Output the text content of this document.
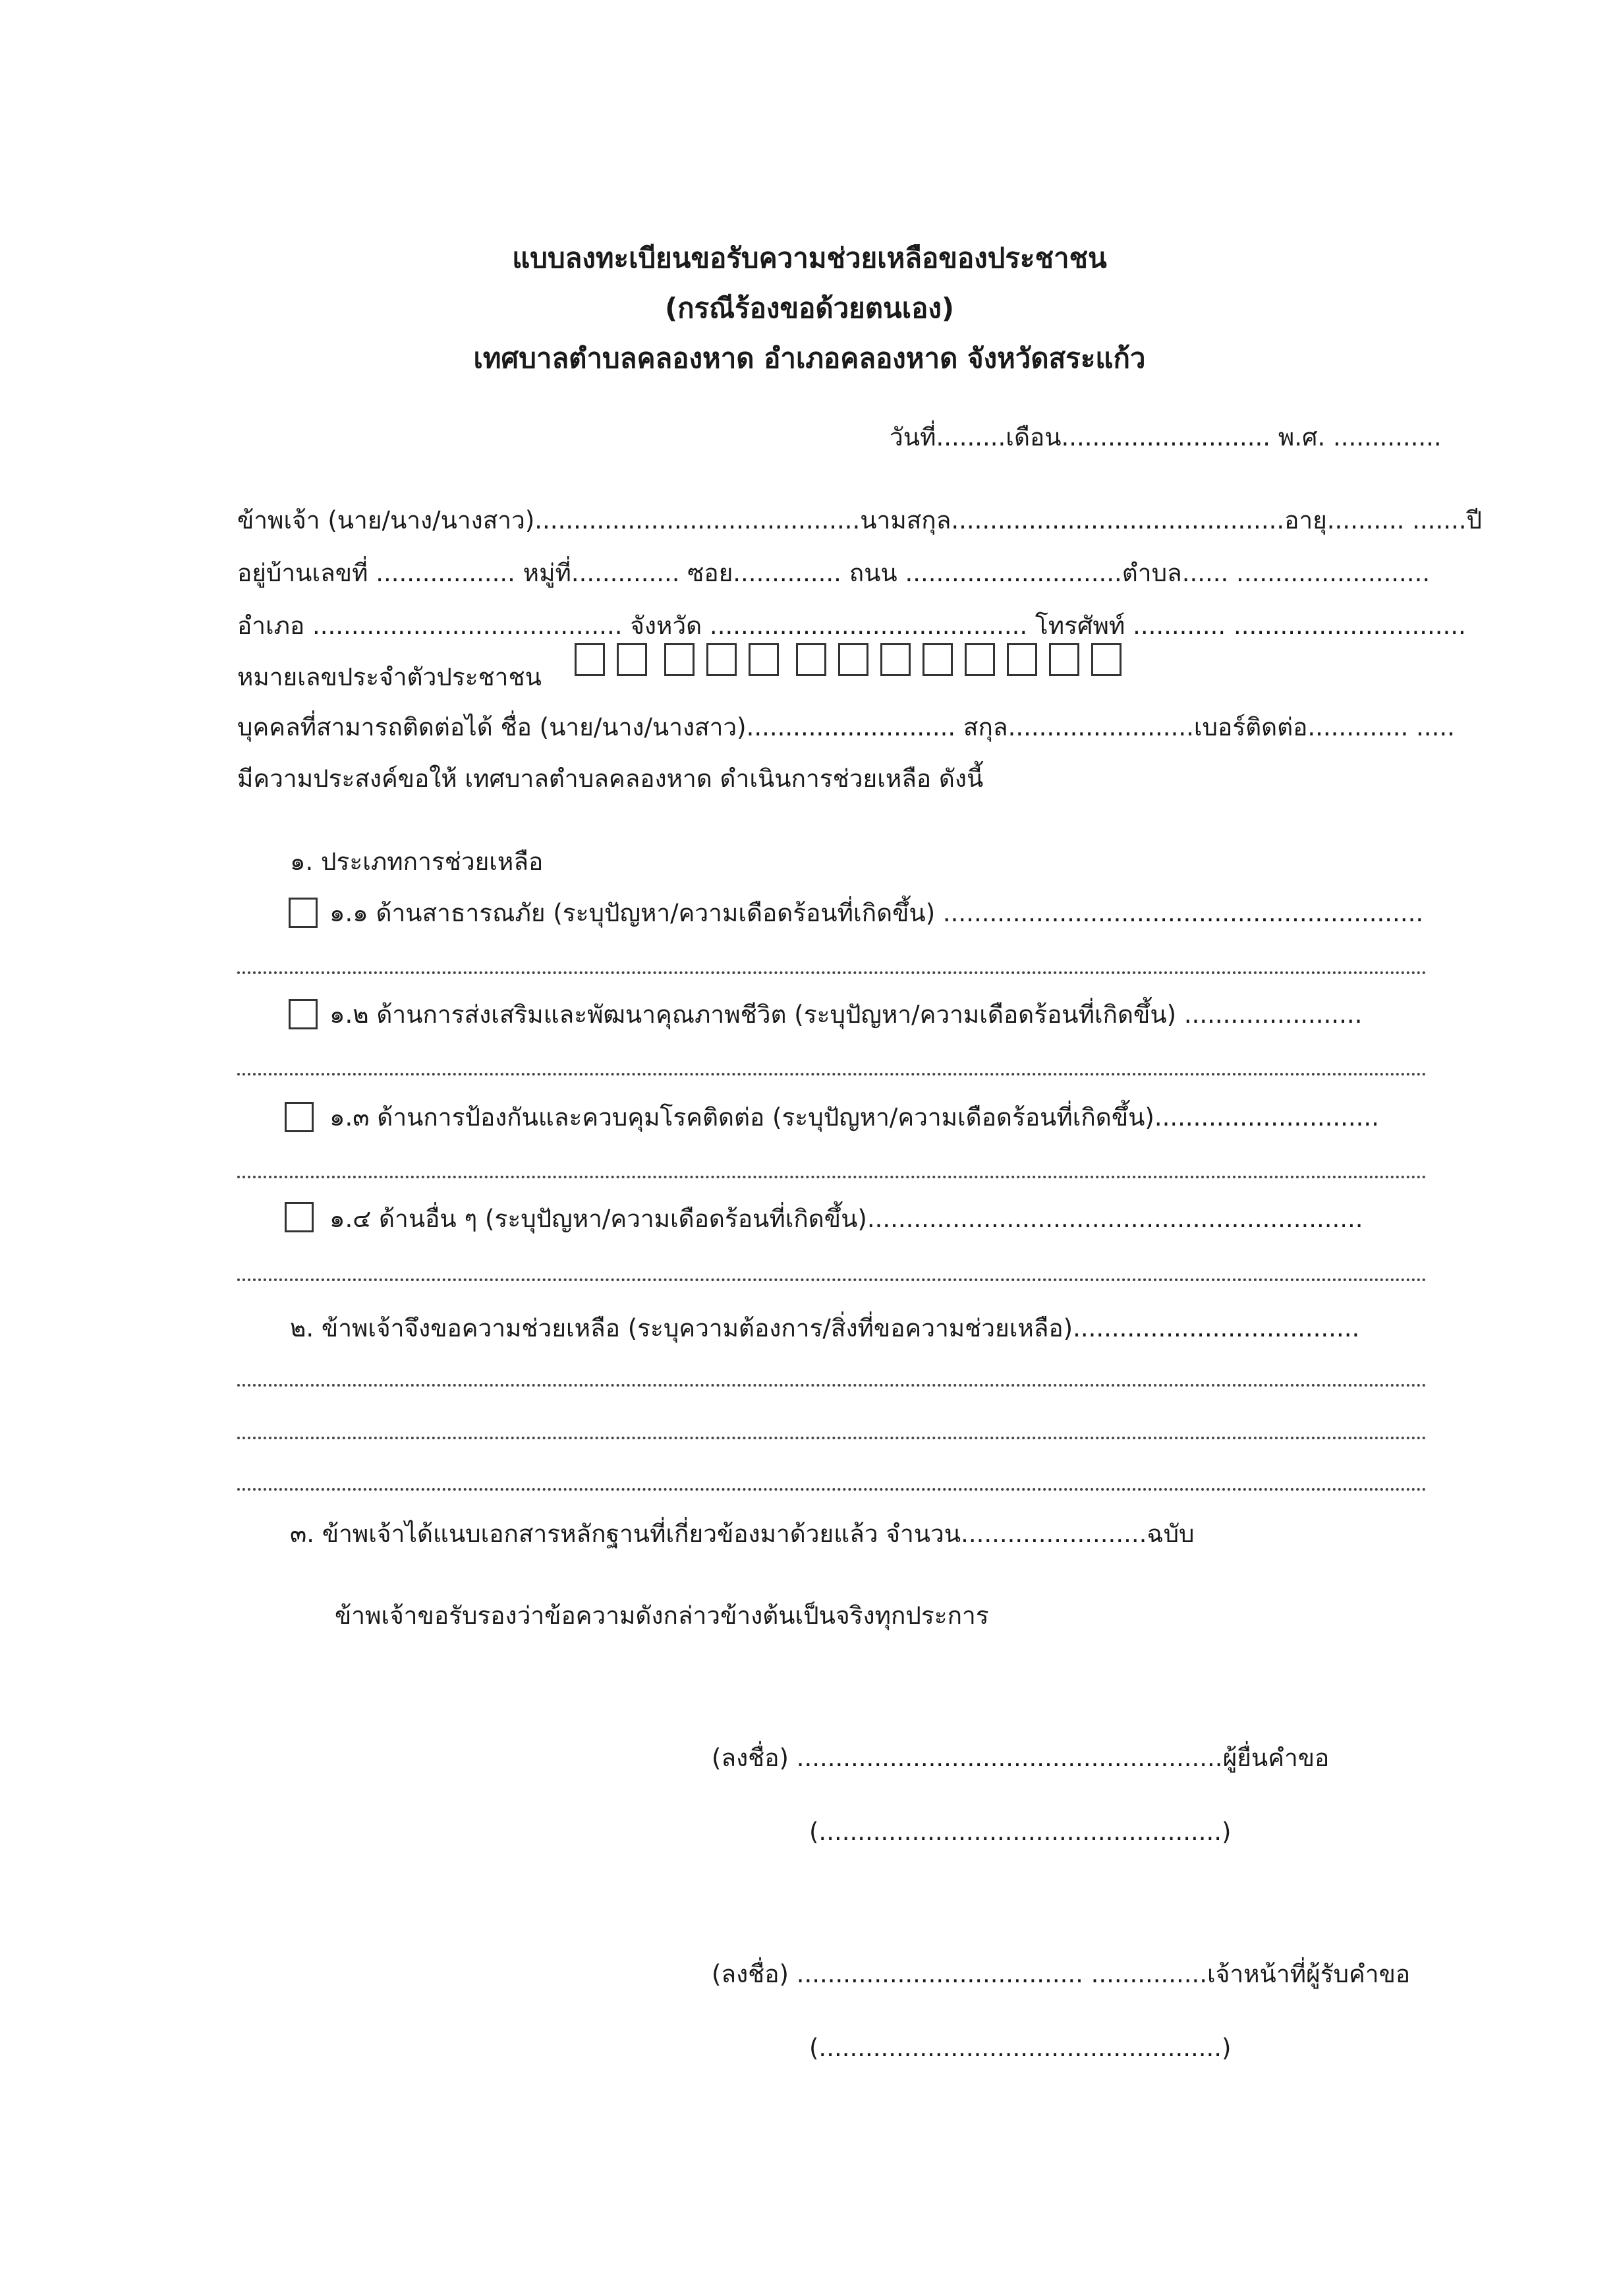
แบบลงทะเบียนขอรับความช่วยเหลือของประชาชน
(กรณีร้องขอด้วยตนเอง)
เทศบาลตำบลคลองหาด อำเภอคลองหาด จังหวัดสระแก้ว
วันที่.........เดือน........................... พ.ศ. ..............
ข้าพเจ้า (นาย/นาง/นางสาว)..........................................นามสกุล...........................................อายุ.......... .......ปี
อยู่บ้านเลขที่ .................. หมู่ที่.............. ซอย.............. ถนน ............................ตำบล...... .........................
อำเภอ ........................................ จังหวัด ......................................... โทรศัพท์ ............ ..............................
หมายเลขประจำตัวประชาชน
บุคคลที่สามารถติดต่อได้ ชื่อ (นาย/นาง/นางสาว)........................... สกุล........................เบอร์ติดต่อ............. .....
มีความประสงค์ขอให้ เทศบาลตำบลคลองหาด ดำเนินการช่วยเหลือ ดังนี้
๑. ประเภทการช่วยเหลือ
๑.๑ ด้านสาธารณภัย (ระบุปัญหา/ความเดือดร้อนที่เกิดขึ้น) ..............................................................
๑.๒ ด้านการส่งเสริมและพัฒนาคุณภาพชีวิต (ระบุปัญหา/ความเดือดร้อนที่เกิดขึ้น) .......................
๑.๓ ด้านการป้องกันและควบคุมโรคติดต่อ (ระบุปัญหา/ความเดือดร้อนที่เกิดขึ้น).............................
๑.๔ ด้านอื่น ๆ (ระบุปัญหา/ความเดือดร้อนที่เกิดขึ้น)................................................................
๒. ข้าพเจ้าจึงขอความช่วยเหลือ (ระบุความต้องการ/สิ่งที่ขอความช่วยเหลือ).....................................
๓. ข้าพเจ้าได้แนบเอกสารหลักฐานที่เกี่ยวข้องมาด้วยแล้ว จำนวน........................ฉบับ
ข้าพเจ้าขอรับรองว่าข้อความดังกล่าวข้างต้นเป็นจริงทุกประการ
(ลงชื่อ) .......................................................ผู้ยื่นคำขอ
(....................................................)
(ลงชื่อ) ..................................... ...............เจ้าหน้าที่ผู้รับคำขอ
(....................................................)
